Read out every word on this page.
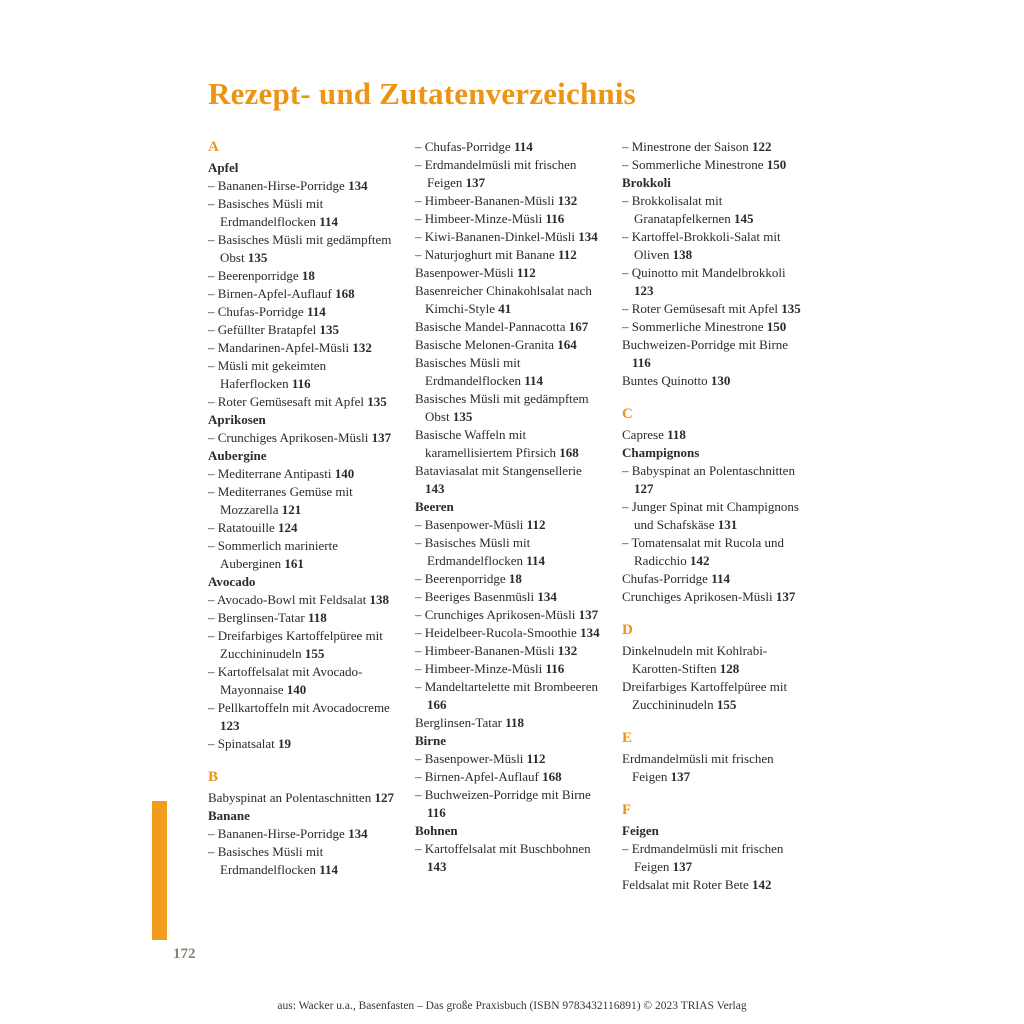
Rezept- und Zutatenverzeichnis
A
Apfel
– Bananen-Hirse-Porridge 134
– Basisches Müsli mit Erdmandelflocken 114
– Basisches Müsli mit gedämpftem Obst 135
– Beerenporridge 18
– Birnen-Apfel-Auflauf 168
– Chufas-Porridge 114
– Gefüllter Bratapfel 135
– Mandarinen-Apfel-Müsli 132
– Müsli mit gekeimten Haferflocken 116
– Roter Gemüsesaft mit Apfel 135
Aprikosen
– Crunchiges Aprikosen-Müsli 137
Aubergine
– Mediterrane Antipasti 140
– Mediterranes Gemüse mit Mozzarella 121
– Ratatouille 124
– Sommerlich marinierte Auberginen 161
Avocado
– Avocado-Bowl mit Feldsalat 138
– Berglinsen-Tatar 118
– Dreifarbiges Kartoffelpüree mit Zucchininudeln 155
– Kartoffelsalat mit Avocado-Mayonnaise 140
– Pellkartoffeln mit Avocadocreme 123
– Spinatsalat 19
B
Babyspinat an Polentaschnitten 127
Banane
– Bananen-Hirse-Porridge 134
– Basisches Müsli mit Erdmandelflocken 114
– Chufas-Porridge 114
– Erdmandelmüsli mit frischen Feigen 137
– Himbeer-Bananen-Müsli 132
– Himbeer-Minze-Müsli 116
– Kiwi-Bananen-Dinkel-Müsli 134
– Naturjoghurt mit Banane 112
Basenpower-Müsli 112
Basenreicher Chinakohlsalat nach Kimchi-Style 41
Basische Mandel-Pannacotta 167
Basische Melonen-Granita 164
Basisches Müsli mit Erdmandelflocken 114
Basisches Müsli mit gedämpftem Obst 135
Basische Waffeln mit karamellisiertem Pfirsich 168
Bataviasalat mit Stangensellerie 143
Beeren
– Basenpower-Müsli 112
– Basisches Müsli mit Erdmandelflocken 114
– Beerenporridge 18
– Beeriges Basenmüsli 134
– Crunchiges Aprikosen-Müsli 137
– Heidelbeer-Rucola-Smoothie 134
– Himbeer-Bananen-Müsli 132
– Himbeer-Minze-Müsli 116
– Mandeltartelette mit Brombeeren 166
Berglinsen-Tatar 118
Birne
– Basenpower-Müsli 112
– Birnen-Apfel-Auflauf 168
– Buchweizen-Porridge mit Birne 116
Bohnen
– Kartoffelsalat mit Buschbohnen 143
– Minestrone der Saison 122
– Sommerliche Minestrone 150
Brokkoli
– Brokkolisalat mit Granatapfelkernen 145
– Kartoffel-Brokkoli-Salat mit Oliven 138
– Quinotto mit Mandelbrokkoli 123
– Roter Gemüsesaft mit Apfel 135
– Sommerliche Minestrone 150
Buchweizen-Porridge mit Birne 116
Buntes Quinotto 130
C
Caprese 118
Champignons
– Babyspinat an Polentaschnitten 127
– Junger Spinat mit Champignons und Schafskäse 131
– Tomatensalat mit Rucola und Radicchio 142
Chufas-Porridge 114
Crunchiges Aprikosen-Müsli 137
D
Dinkelnudeln mit Kohlrabi-Karotten-Stiften 128
Dreifarbiges Kartoffelpüree mit Zucchininudeln 155
E
Erdmandelmüsli mit frischen Feigen 137
F
Feigen
– Erdmandelmüsli mit frischen Feigen 137
Feldsalat mit Roter Bete 142
172
aus: Wacker u.a., Basenfasten – Das große Praxisbuch (ISBN 9783432116891) © 2023 TRIAS Verlag
